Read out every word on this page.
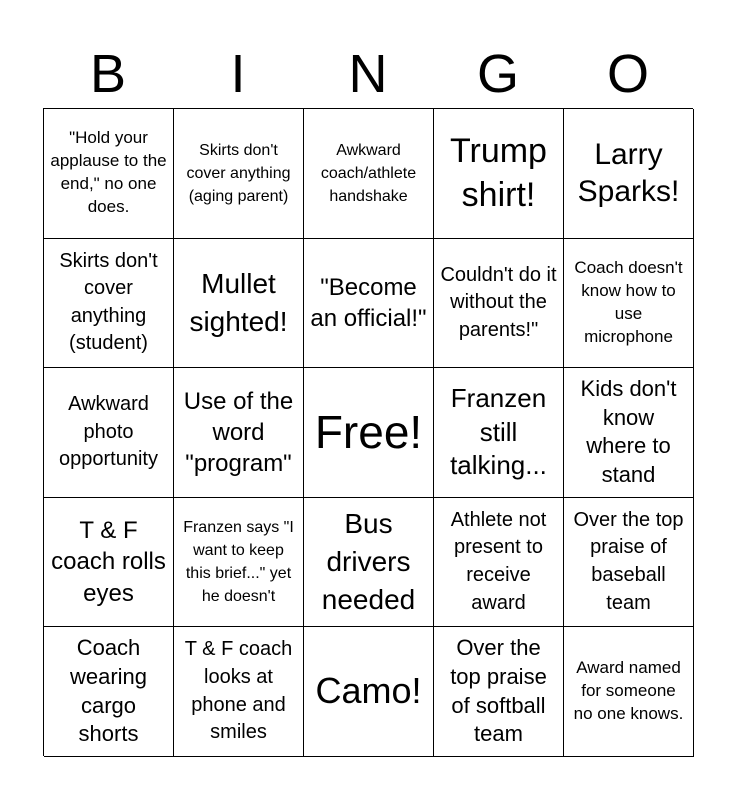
B	I	N	G	O
"Hold your applause to the end," no one does.
Skirts don't cover anything (aging parent)
Awkward coach/athlete handshake
Trump shirt!
Larry Sparks!
Skirts don't cover anything (student)
Mullet sighted!
"Become an official!"
Couldn't do it without the parents!"
Coach doesn't know how to use microphone
Awkward photo opportunity
Use of the word "program"
Free!
Franzen still talking...
Kids don't know where to stand
T & F coach rolls eyes
Franzen says "I want to keep this brief..." yet he doesn't
Bus drivers needed
Athlete not present to receive award
Over the top praise of baseball team
Coach wearing cargo shorts
T & F coach looks at phone and smiles
Camo!
Over the top praise of softball team
Award named for someone no one knows.
